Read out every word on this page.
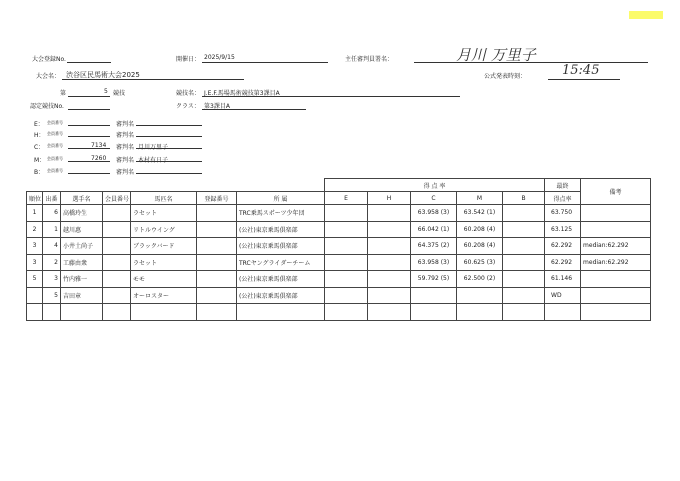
大会登録No.	開催日： 2025/9/15	主任審判員署名：	月川 万里子
大会名： 渋谷区民馬術大会2025	公式発表時刻：	15:45
第	5 競技	競技名： J.E.F.馬場馬術競技第3課目A
認定競技No.	クラス： 第3課目A
E： 会員番号	審判名
H： 会員番号	審判名
C： 会員番号	7134 審判名 月川万里子
M： 会員番号	7260 審判名 木村有日子
B： 会員番号	審判名
							得 点 率					最終	備考
順位	出番	選手名	会員番号	馬匹名	登録番号	所 属	E	H	C	M	B	得点率	
1	6	高橋玲生		ラセット		TRC乗馬スポーツ少年団			63.958 (3)	63.542 (1)		63.750	
2	1	越川惠		リトルウイング		(公社)東京乗馬倶楽部			66.042 (1)	60.208 (4)		63.125	
3	4	小井土尚子		ブラックバード		(公社)東京乗馬倶楽部			64.375 (2)	60.208 (4)		62.292	median:62.292
3	2	工藤由衆		ラセット		TRCヤングライダーチーム			63.958 (3)	60.625 (3)		62.292	median:62.292
5	3	竹内雅一		モモ		(公社)東京乗馬倶楽部			59.792 (5)	62.500 (2)		61.146	
	5	吉田章		オーロスター		(公社)東京乗馬倶楽部						WD	
